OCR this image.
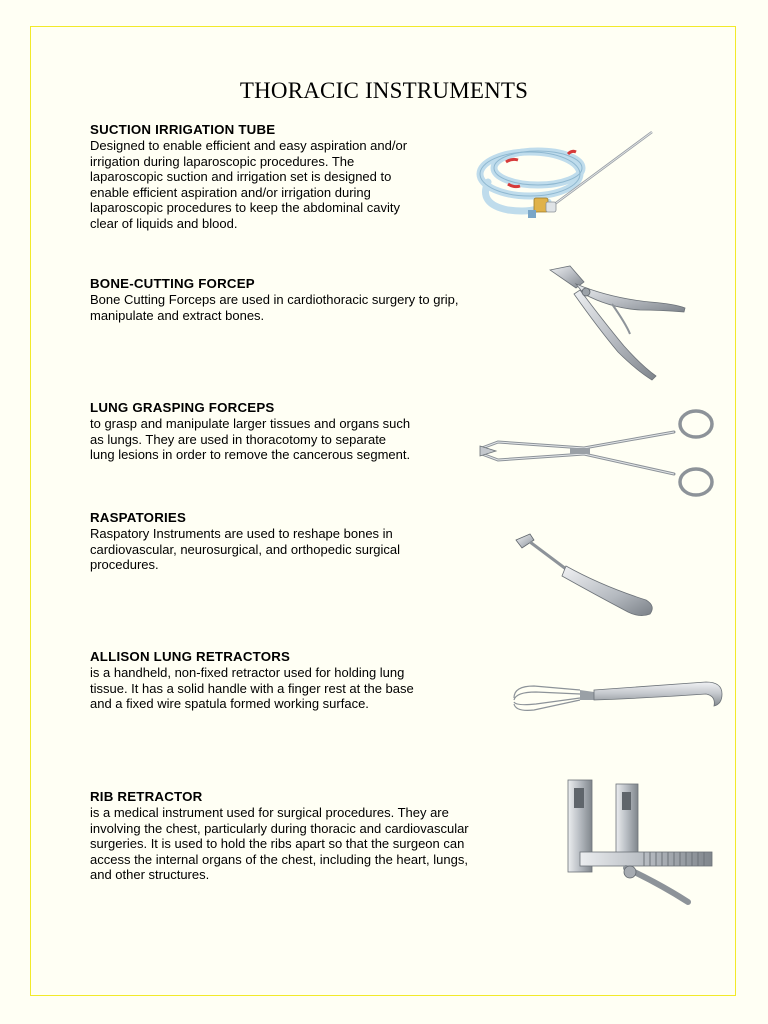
THORACIC INSTRUMENTS
SUCTION IRRIGATION TUBE
Designed to enable efficient and easy aspiration and/or
irrigation during laparoscopic procedures. The
laparoscopic suction and irrigation set is designed to
enable efficient aspiration and/or irrigation during
laparoscopic procedures to keep the abdominal cavity
clear of liquids and blood.
BONE-CUTTING FORCEP
Bone Cutting Forceps are used in cardiothoracic surgery to grip,
manipulate and extract bones.
LUNG GRASPING FORCEPS
to grasp and manipulate larger tissues and organs such
as lungs. They are used in thoracotomy to separate
lung lesions in order to remove the cancerous segment.
RASPATORIES
Raspatory Instruments are used to reshape bones in
cardiovascular, neurosurgical, and orthopedic surgical
procedures.
ALLISON LUNG RETRACTORS
is a handheld, non-fixed retractor used for holding lung
tissue. It has a solid handle with a finger rest at the base
and a fixed wire spatula formed working surface.
RIB RETRACTOR
is a medical instrument used for surgical procedures. They are
involving the chest, particularly during thoracic and cardiovascular
surgeries. It is used to hold the ribs apart so that the surgeon can
access the internal organs of the chest, including the heart, lungs,
and other structures.
